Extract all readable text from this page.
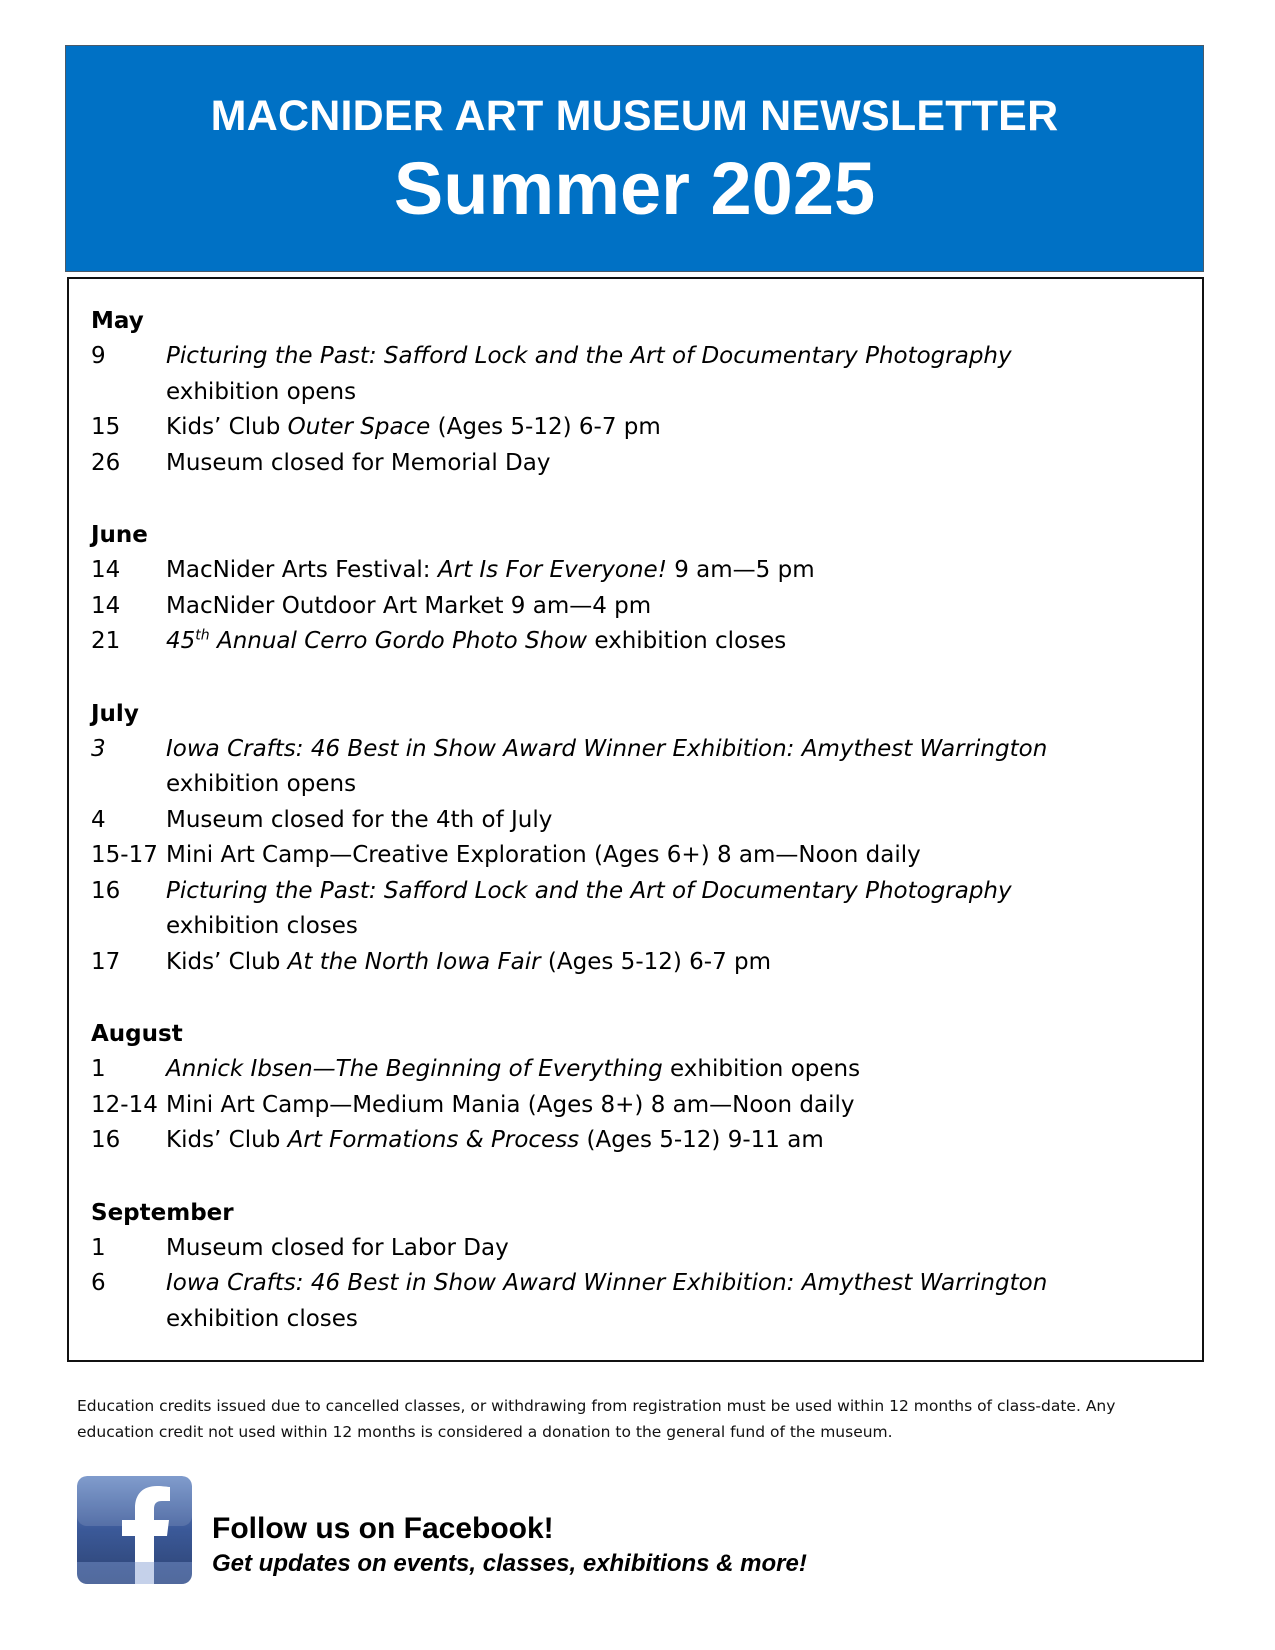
MACNIDER ART MUSEUM NEWSLETTER
Summer 2025
May
9	Picturing the Past: Safford Lock and the Art of Documentary Photography exhibition opens
15	Kids’ Club Outer Space (Ages 5-12) 6-7 pm
26	Museum closed for Memorial Day
June
14	MacNider Arts Festival: Art Is For Everyone! 9 am—5 pm
14	MacNider Outdoor Art Market 9 am—4 pm
21	45th Annual Cerro Gordo Photo Show exhibition closes
July
3	Iowa Crafts: 46 Best in Show Award Winner Exhibition: Amythest Warrington exhibition opens
4	Museum closed for the 4th of July
15-17 Mini Art Camp—Creative Exploration (Ages 6+) 8 am—Noon daily
16	Picturing the Past: Safford Lock and the Art of Documentary Photography exhibition closes
17	Kids’ Club At the North Iowa Fair (Ages 5-12) 6-7 pm
August
1	Annick Ibsen—The Beginning of Everything exhibition opens
12-14 Mini Art Camp—Medium Mania (Ages 8+) 8 am—Noon daily
16	Kids’ Club Art Formations & Process (Ages 5-12) 9-11 am
September
1	Museum closed for Labor Day
6	Iowa Crafts: 46 Best in Show Award Winner Exhibition: Amythest Warrington exhibition closes
Education credits issued due to cancelled classes, or withdrawing from registration must be used within 12 months of class-date. Any education credit not used within 12 months is considered a donation to the general fund of the museum.
Follow us on Facebook!
Get updates on events, classes, exhibitions & more!
